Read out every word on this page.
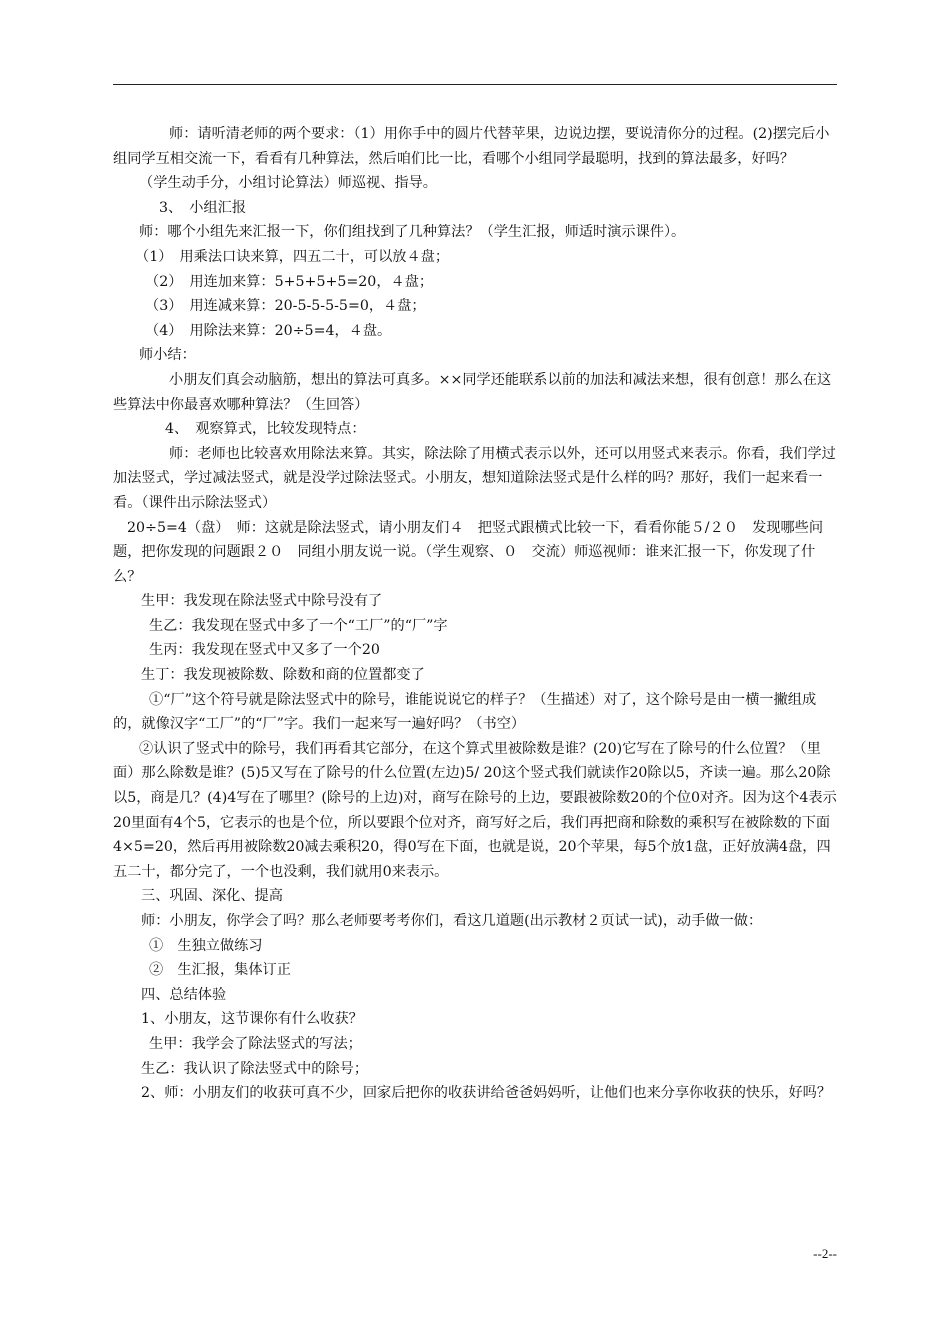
师：请听清老师的两个要求：（1）用你手中的圆片代替苹果，边说边摆，要说清你分的过程。(2)摆完后小组同学互相交流一下，看看有几种算法，然后咱们比一比，看哪个小组同学最聪明，找到的算法最多，好吗？

（学生动手分，小组讨论算法）师巡视、指导。

3、　小组汇报

师：哪个小组先来汇报一下，你们组找到了几种算法？（学生汇报，师适时演示课件）。

（1）　用乘法口诀来算，四五二十，可以放４盘；

（2）　用连加来算：5+5+5+5=20，４盘；

（3）　用连减来算：20-5-5-5-5=0，４盘；

（4）　用除法来算：20÷5=4，４盘。

师小结：

小朋友们真会动脑筋，想出的算法可真多。××同学还能联系以前的加法和减法来想，很有创意！那么在这些算法中你最喜欢哪种算法？（生回答）

4、　观察算式，比较发现特点：

师：老师也比较喜欢用除法来算。其实，除法除了用横式表示以外，还可以用竖式来表示。你看，我们学过加法竖式，学过减法竖式，就是没学过除法竖式。小朋友，想知道除法竖式是什么样的吗？那好，我们一起来看一看。（课件出示除法竖式）

20÷5=4（盘）　师：这就是除法竖式，请小朋友们４　把竖式跟横式比较一下，看看你能５/２０　发现哪些问题，把你发现的问题跟２０　同组小朋友说一说。（学生观察、０　交流）师巡视师：谁来汇报一下，你发现了什么？

生甲：我发现在除法竖式中除号没有了

生乙：我发现在竖式中多了一个“工厂”的“厂”字

生丙：我发现在竖式中又多了一个20

生丁：我发现被除数、除数和商的位置都变了

①“厂”这个符号就是除法竖式中的除号，谁能说说它的样子？（生描述）对了，这个除号是由一横一撇组成的，就像汉字“工厂”的“厂”字。我们一起来写一遍好吗？（书空）

②认识了竖式中的除号，我们再看其它部分，在这个算式里被除数是谁？(20)它写在了除号的什么位置？（里面）那么除数是谁？(5)5又写在了除号的什么位置(左边)5/ 20这个竖式我们就读作20除以5，齐读一遍。那么20除以5，商是几？(4)4写在了哪里？(除号的上边)对，商写在除号的上边，要跟被除数20的个位0对齐。因为这个4表示20里面有4个5，它表示的也是个位，所以要跟个位对齐，商写好之后，我们再把商和除数的乘积写在被除数的下面4×5=20，然后再用被除数20减去乘积20，得0写在下面，也就是说，20个苹果，每5个放1盘，正好放满4盘，四五二十，都分完了，一个也没剩，我们就用0来表示。

三、巩固、深化、提高

师：小朋友，你学会了吗？那么老师要考考你们，看这几道题(出示教材２页试一试)，动手做一做：

①　生独立做练习

②　生汇报，集体订正

四、总结体验

1、小朋友，这节课你有什么收获？

生甲：我学会了除法竖式的写法；

生乙：我认识了除法竖式中的除号；

2、师：小朋友们的收获可真不少，回家后把你的收获讲给爸爸妈妈听，让他们也来分享你收获的快乐，好吗？

--2--
